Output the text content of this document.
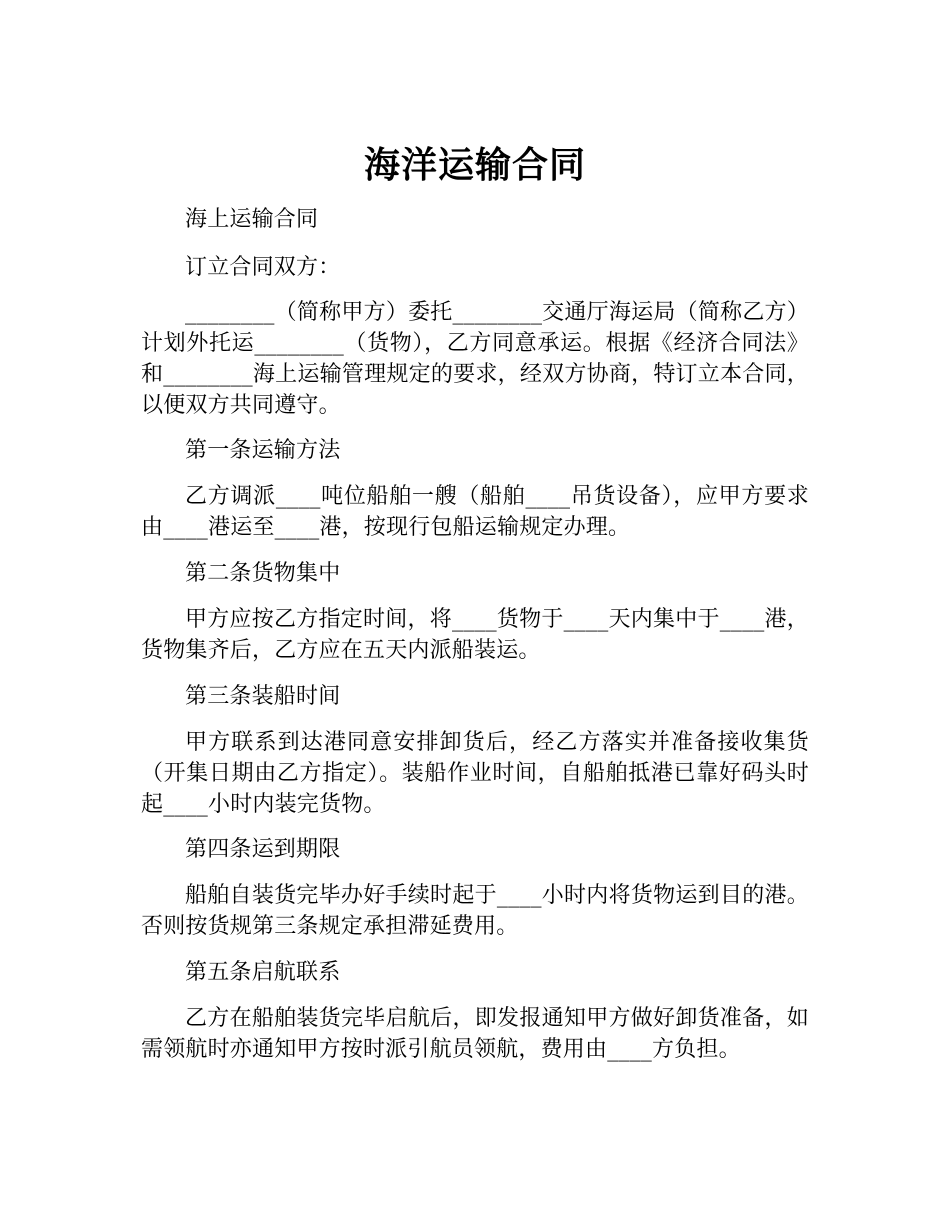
海洋运输合同

海上运输合同

订立合同双方：

________（简称甲方）委托________交通厅海运局（简称乙方）计划外托运________（货物），乙方同意承运。根据《经济合同法》和________海上运输管理规定的要求，经双方协商，特订立本合同，以便双方共同遵守。

第一条运输方法

乙方调派____吨位船舶一艘（船舶____吊货设备），应甲方要求由____港运至____港，按现行包船运输规定办理。

第二条货物集中

甲方应按乙方指定时间，将____货物于____天内集中于____港，货物集齐后，乙方应在五天内派船装运。

第三条装船时间

甲方联系到达港同意安排卸货后，经乙方落实并准备接收集货（开集日期由乙方指定）。装船作业时间，自船舶抵港已靠好码头时起____小时内装完货物。

第四条运到期限

船舶自装货完毕办好手续时起于____小时内将货物运到目的港。否则按货规第三条规定承担滞延费用。

第五条启航联系

乙方在船舶装货完毕启航后，即发报通知甲方做好卸货准备，如需领航时亦通知甲方按时派引航员领航，费用由____方负担。
